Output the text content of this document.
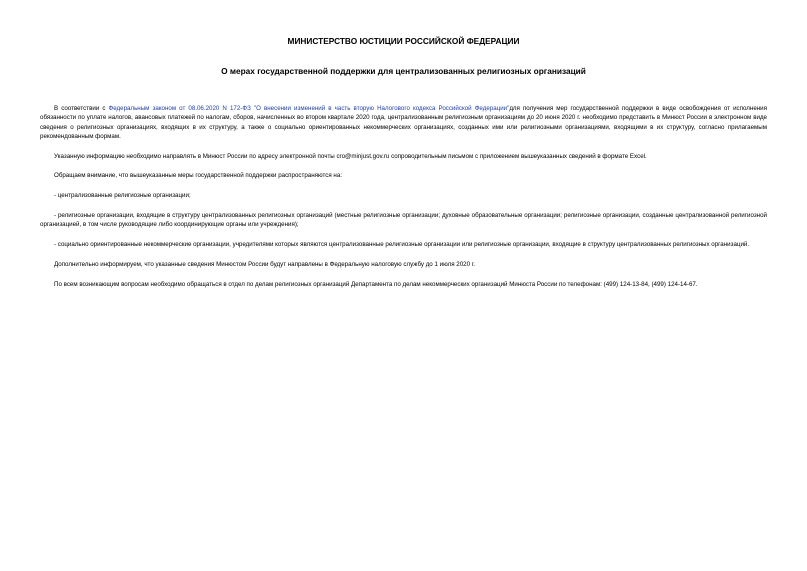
МИНИСТЕРСТВО ЮСТИЦИИ РОССИЙСКОЙ ФЕДЕРАЦИИ
О мерах государственной поддержки для централизованных религиозных организаций

В соответствии с Федеральным законом от 08.06.2020 N 172-ФЗ "О внесении изменений в часть вторую Налогового кодекса Российской Федерации"для получения мер государственной поддержки в виде освобождения от исполнения обязанности по уплате налогов, авансовых платежей по налогам, сборов, начисленных во втором квартале 2020 года, централизованным религиозным организациям до 20 июня 2020 г. необходимо представить в Минюст России в электронном виде сведения о религиозных организациях, входящих в их структуру, а также о социально ориентированных некоммерческих организациях, созданных ими или религиозными организациями, входящими в их структуру, согласно прилагаемым рекомендованным формам.

Указанную информацию необходимо направлять в Минюст России по адресу электронной почты cro@minjust.gov.ru сопроводительным письмом с приложением вышеуказанных сведений в формате Excel.

Обращаем внимание, что вышеуказанные меры государственной поддержки распространяются на:

- централизованные религиозные организации;

- религиозные организации, входящие в структуру централизованных религиозных организаций (местные религиозные организации; духовные образовательные организации; религиозные организации, созданные централизованной религиозной организацией, в том числе руководящие либо координирующие органы или учреждения);

- социально ориентированные некоммерческие организации, учредителями которых являются централизованные религиозные организации или религиозные организации, входящие в структуру централизованных религиозных организаций.

Дополнительно информируем, что указанные сведения Минюстом России будут направлены в Федеральную налоговую службу до 1 июля 2020 г.

По всем возникающим вопросам необходимо обращаться в отдел по делам религиозных организаций Департамента по делам некоммерческих организаций Минюста России по телефонам: (499) 124-13-84, (499) 124-14-67.
